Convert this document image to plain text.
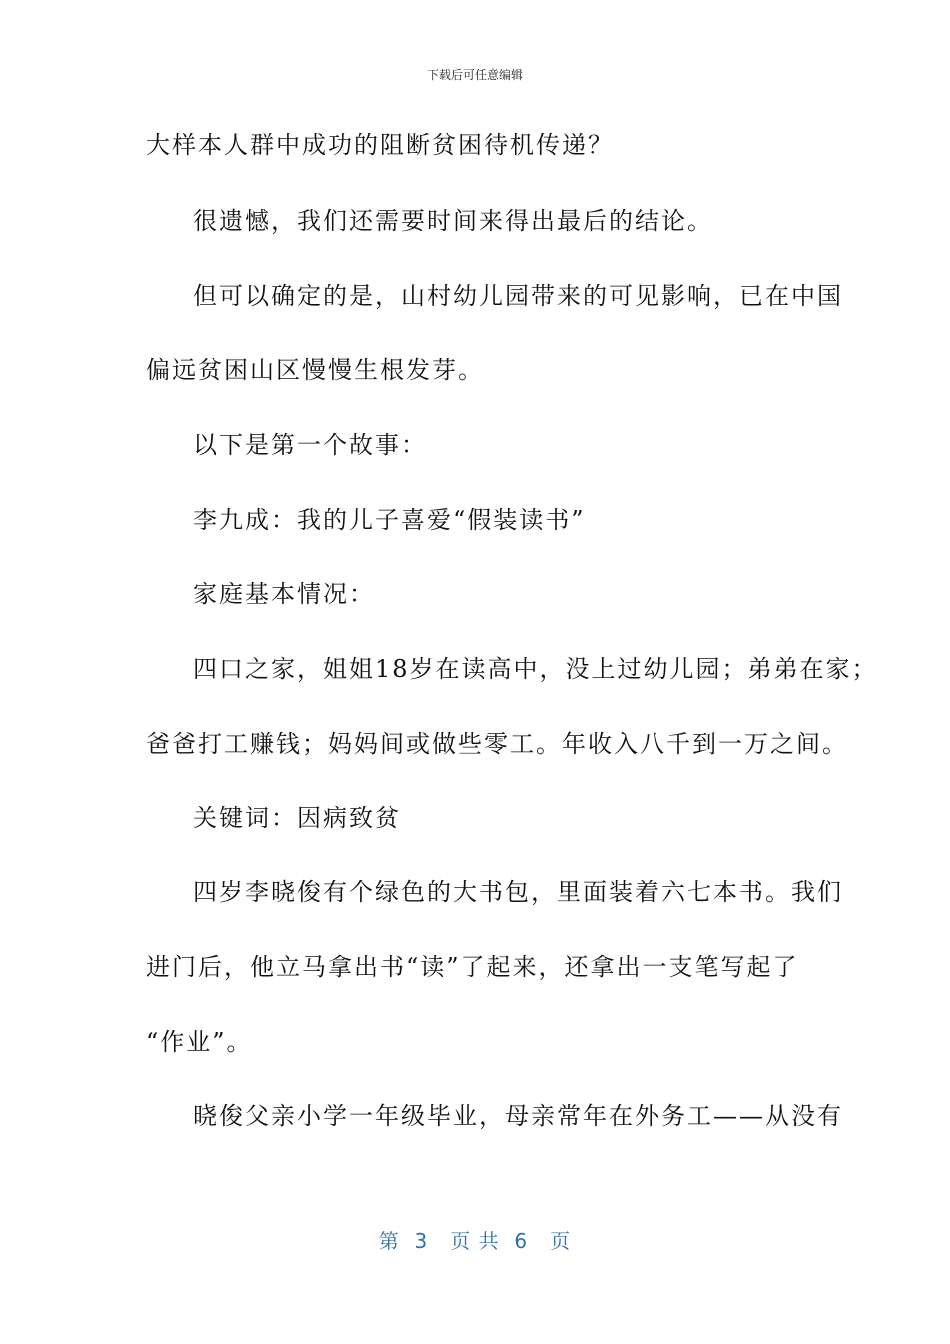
下载后可任意编辑
大样本人群中成功的阻断贫困待机传递？
很遗憾，我们还需要时间来得出最后的结论。
但可以确定的是，山村幼儿园带来的可见影响，已在中国
偏远贫困山区慢慢生根发芽。
以下是第一个故事：
李九成：我的儿子喜爱“假装读书”
家庭基本情况：
四口之家，姐姐18岁在读高中，没上过幼儿园；弟弟在家；
爸爸打工赚钱；妈妈间或做些零工。年收入八千到一万之间。
关键词：因病致贫
四岁李晓俊有个绿色的大书包，里面装着六七本书。我们
进门后，他立马拿出书“读”了起来，还拿出一支笔写起了
“作业”。
晓俊父亲小学一年级毕业，母亲常年在外务工——从没有
第  3   页 共  6   页
